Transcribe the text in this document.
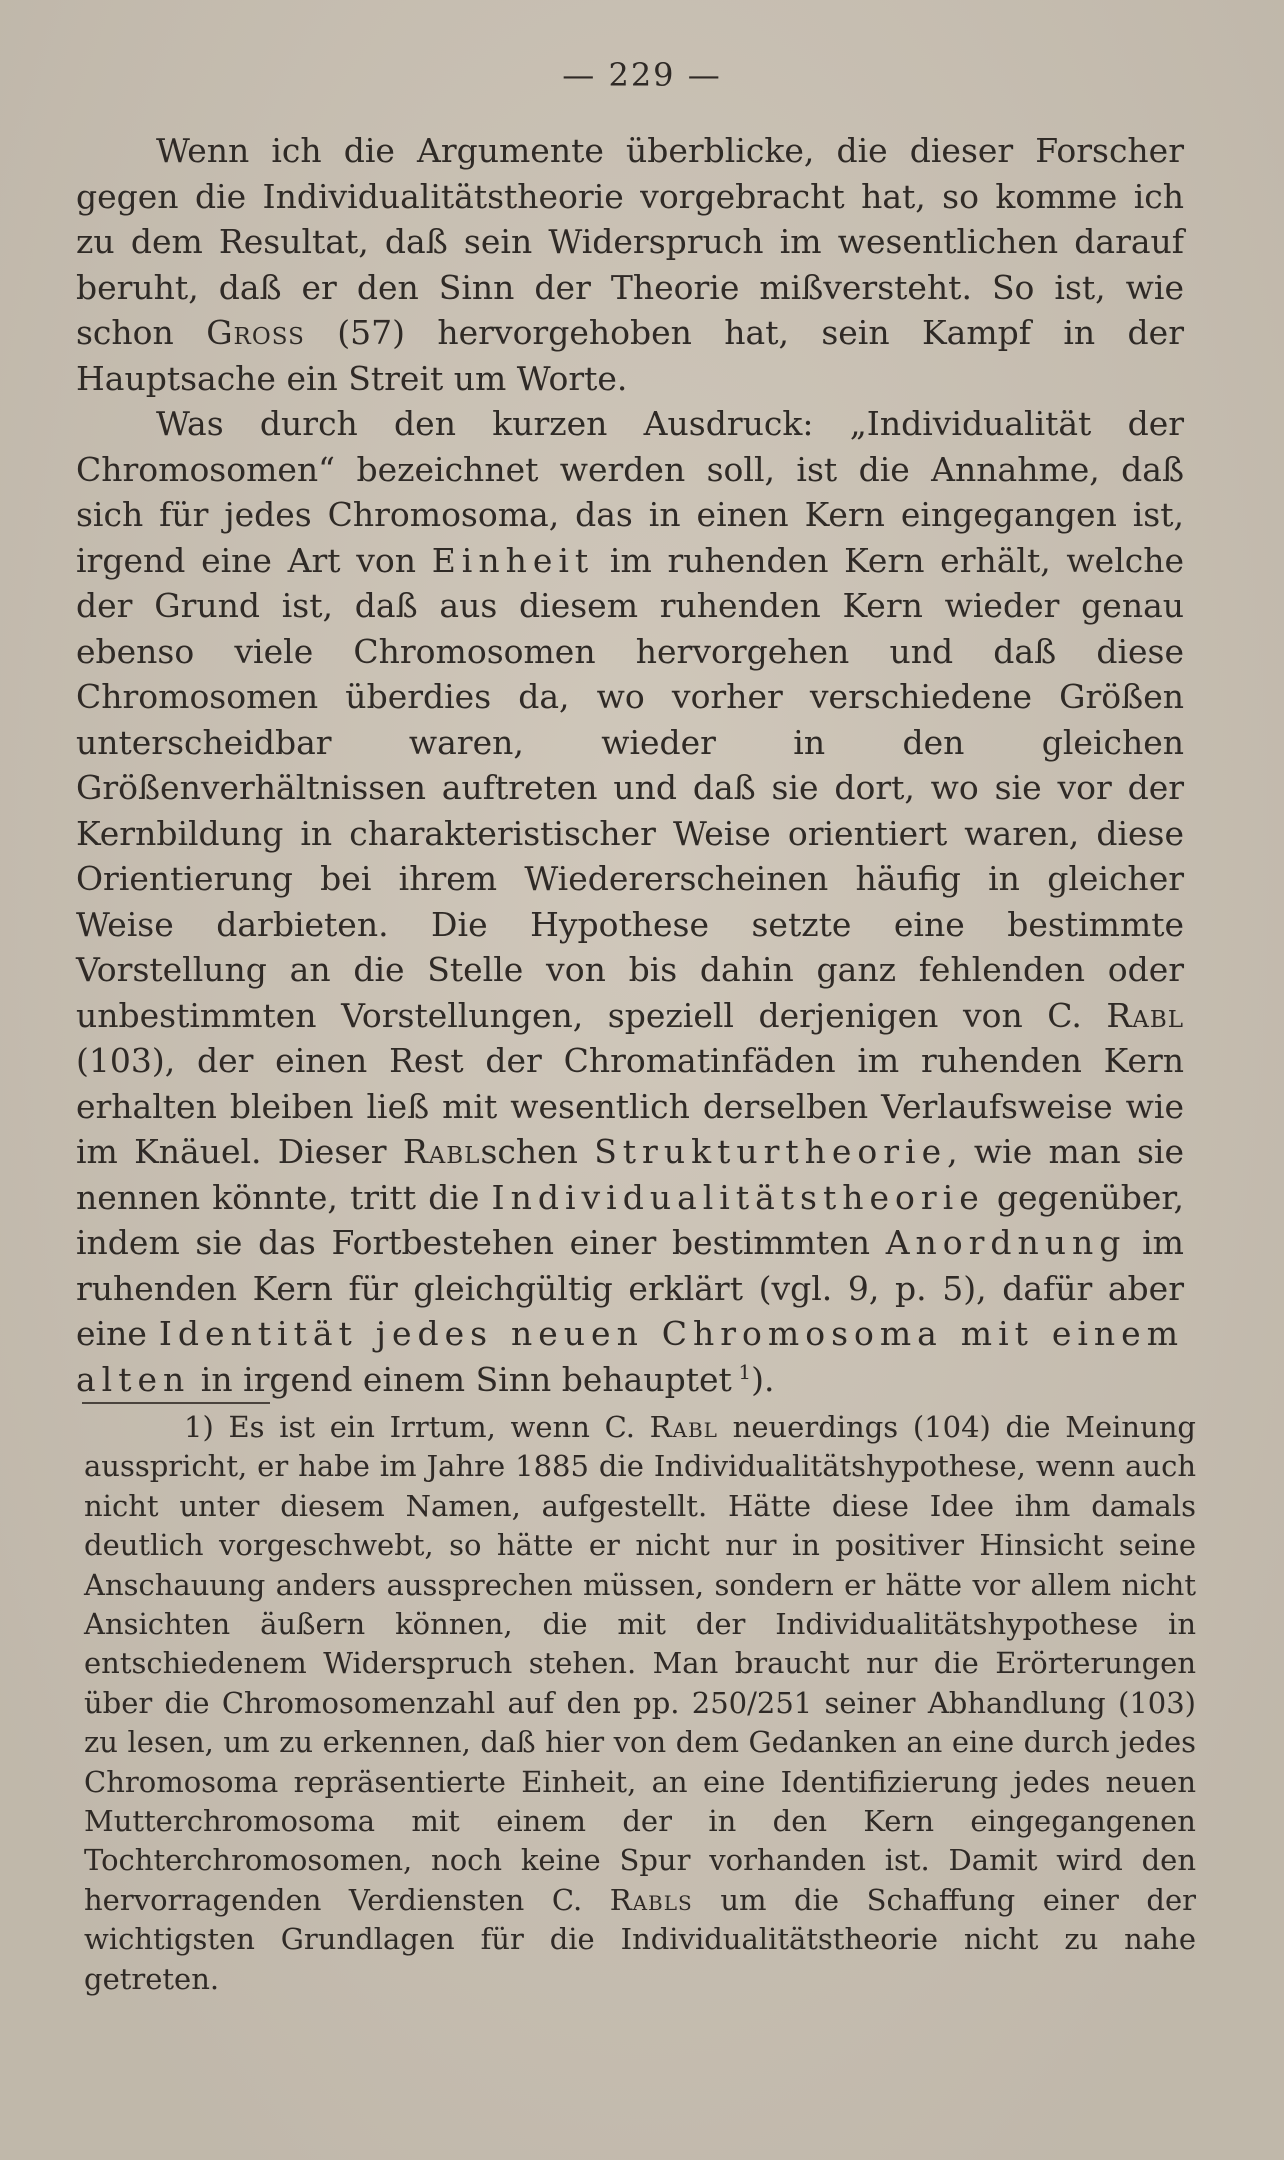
— 229 —

Wenn ich die Argumente überblicke, die dieser Forscher gegen die Individualitätstheorie vorgebracht hat, so komme ich zu dem Resultat, daß sein Widerspruch im wesentlichen darauf beruht, daß er den Sinn der Theorie mißversteht. So ist, wie schon Gross (57) hervorgehoben hat, sein Kampf in der Hauptsache ein Streit um Worte.

Was durch den kurzen Ausdruck: „Individualität der Chromosomen“ bezeichnet werden soll, ist die Annahme, daß sich für jedes Chromosoma, das in einen Kern eingegangen ist, irgend eine Art von Einheit im ruhenden Kern erhält, welche der Grund ist, daß aus diesem ruhenden Kern wieder genau ebenso viele Chromosomen hervorgehen und daß diese Chromosomen überdies da, wo vorher verschiedene Größen unterscheidbar waren, wieder in den gleichen Größenverhältnissen auftreten und daß sie dort, wo sie vor der Kernbildung in charakteristischer Weise orientiert waren, diese Orientierung bei ihrem Wiedererscheinen häufig in gleicher Weise darbieten. Die Hypothese setzte eine bestimmte Vorstellung an die Stelle von bis dahin ganz fehlenden oder unbestimmten Vorstellungen, speziell derjenigen von C. Rabl (103), der einen Rest der Chromatinfäden im ruhenden Kern erhalten bleiben ließ mit wesentlich derselben Verlaufsweise wie im Knäuel. Dieser Rablschen Strukturtheorie, wie man sie nennen könnte, tritt die Individualitätstheorie gegenüber, indem sie das Fortbestehen einer bestimmten Anordnung im ruhenden Kern für gleichgültig erklärt (vgl. 9, p. 5), dafür aber eine Identität jedes neuen Chromosoma mit einem alten in irgend einem Sinn behauptet  $^1$).

1) Es ist ein Irrtum, wenn C. Rabl neuerdings (104) die Meinung ausspricht, er habe im Jahre 1885 die Individualitätshypothese, wenn auch nicht unter diesem Namen, aufgestellt. Hätte diese Idee ihm damals deutlich vorgeschwebt, so hätte er nicht nur in positiver Hinsicht seine Anschauung anders aussprechen müssen, sondern er hätte vor allem nicht Ansichten äußern können, die mit der Individualitätshypothese in entschiedenem Widerspruch stehen. Man braucht nur die Erörterungen über die Chromosomenzahl auf den pp. 250/251 seiner Abhandlung (103) zu lesen, um zu erkennen, daß hier von dem Gedanken an eine durch jedes Chromosoma repräsentierte Einheit, an eine Identifizierung jedes neuen Mutterchromosoma mit einem der in den Kern eingegangenen Tochterchromosomen, noch keine Spur vorhanden ist. Damit wird den hervorragenden Verdiensten C. Rabls um die Schaffung einer der wichtigsten Grundlagen für die Individualitätstheorie nicht zu nahe getreten.
